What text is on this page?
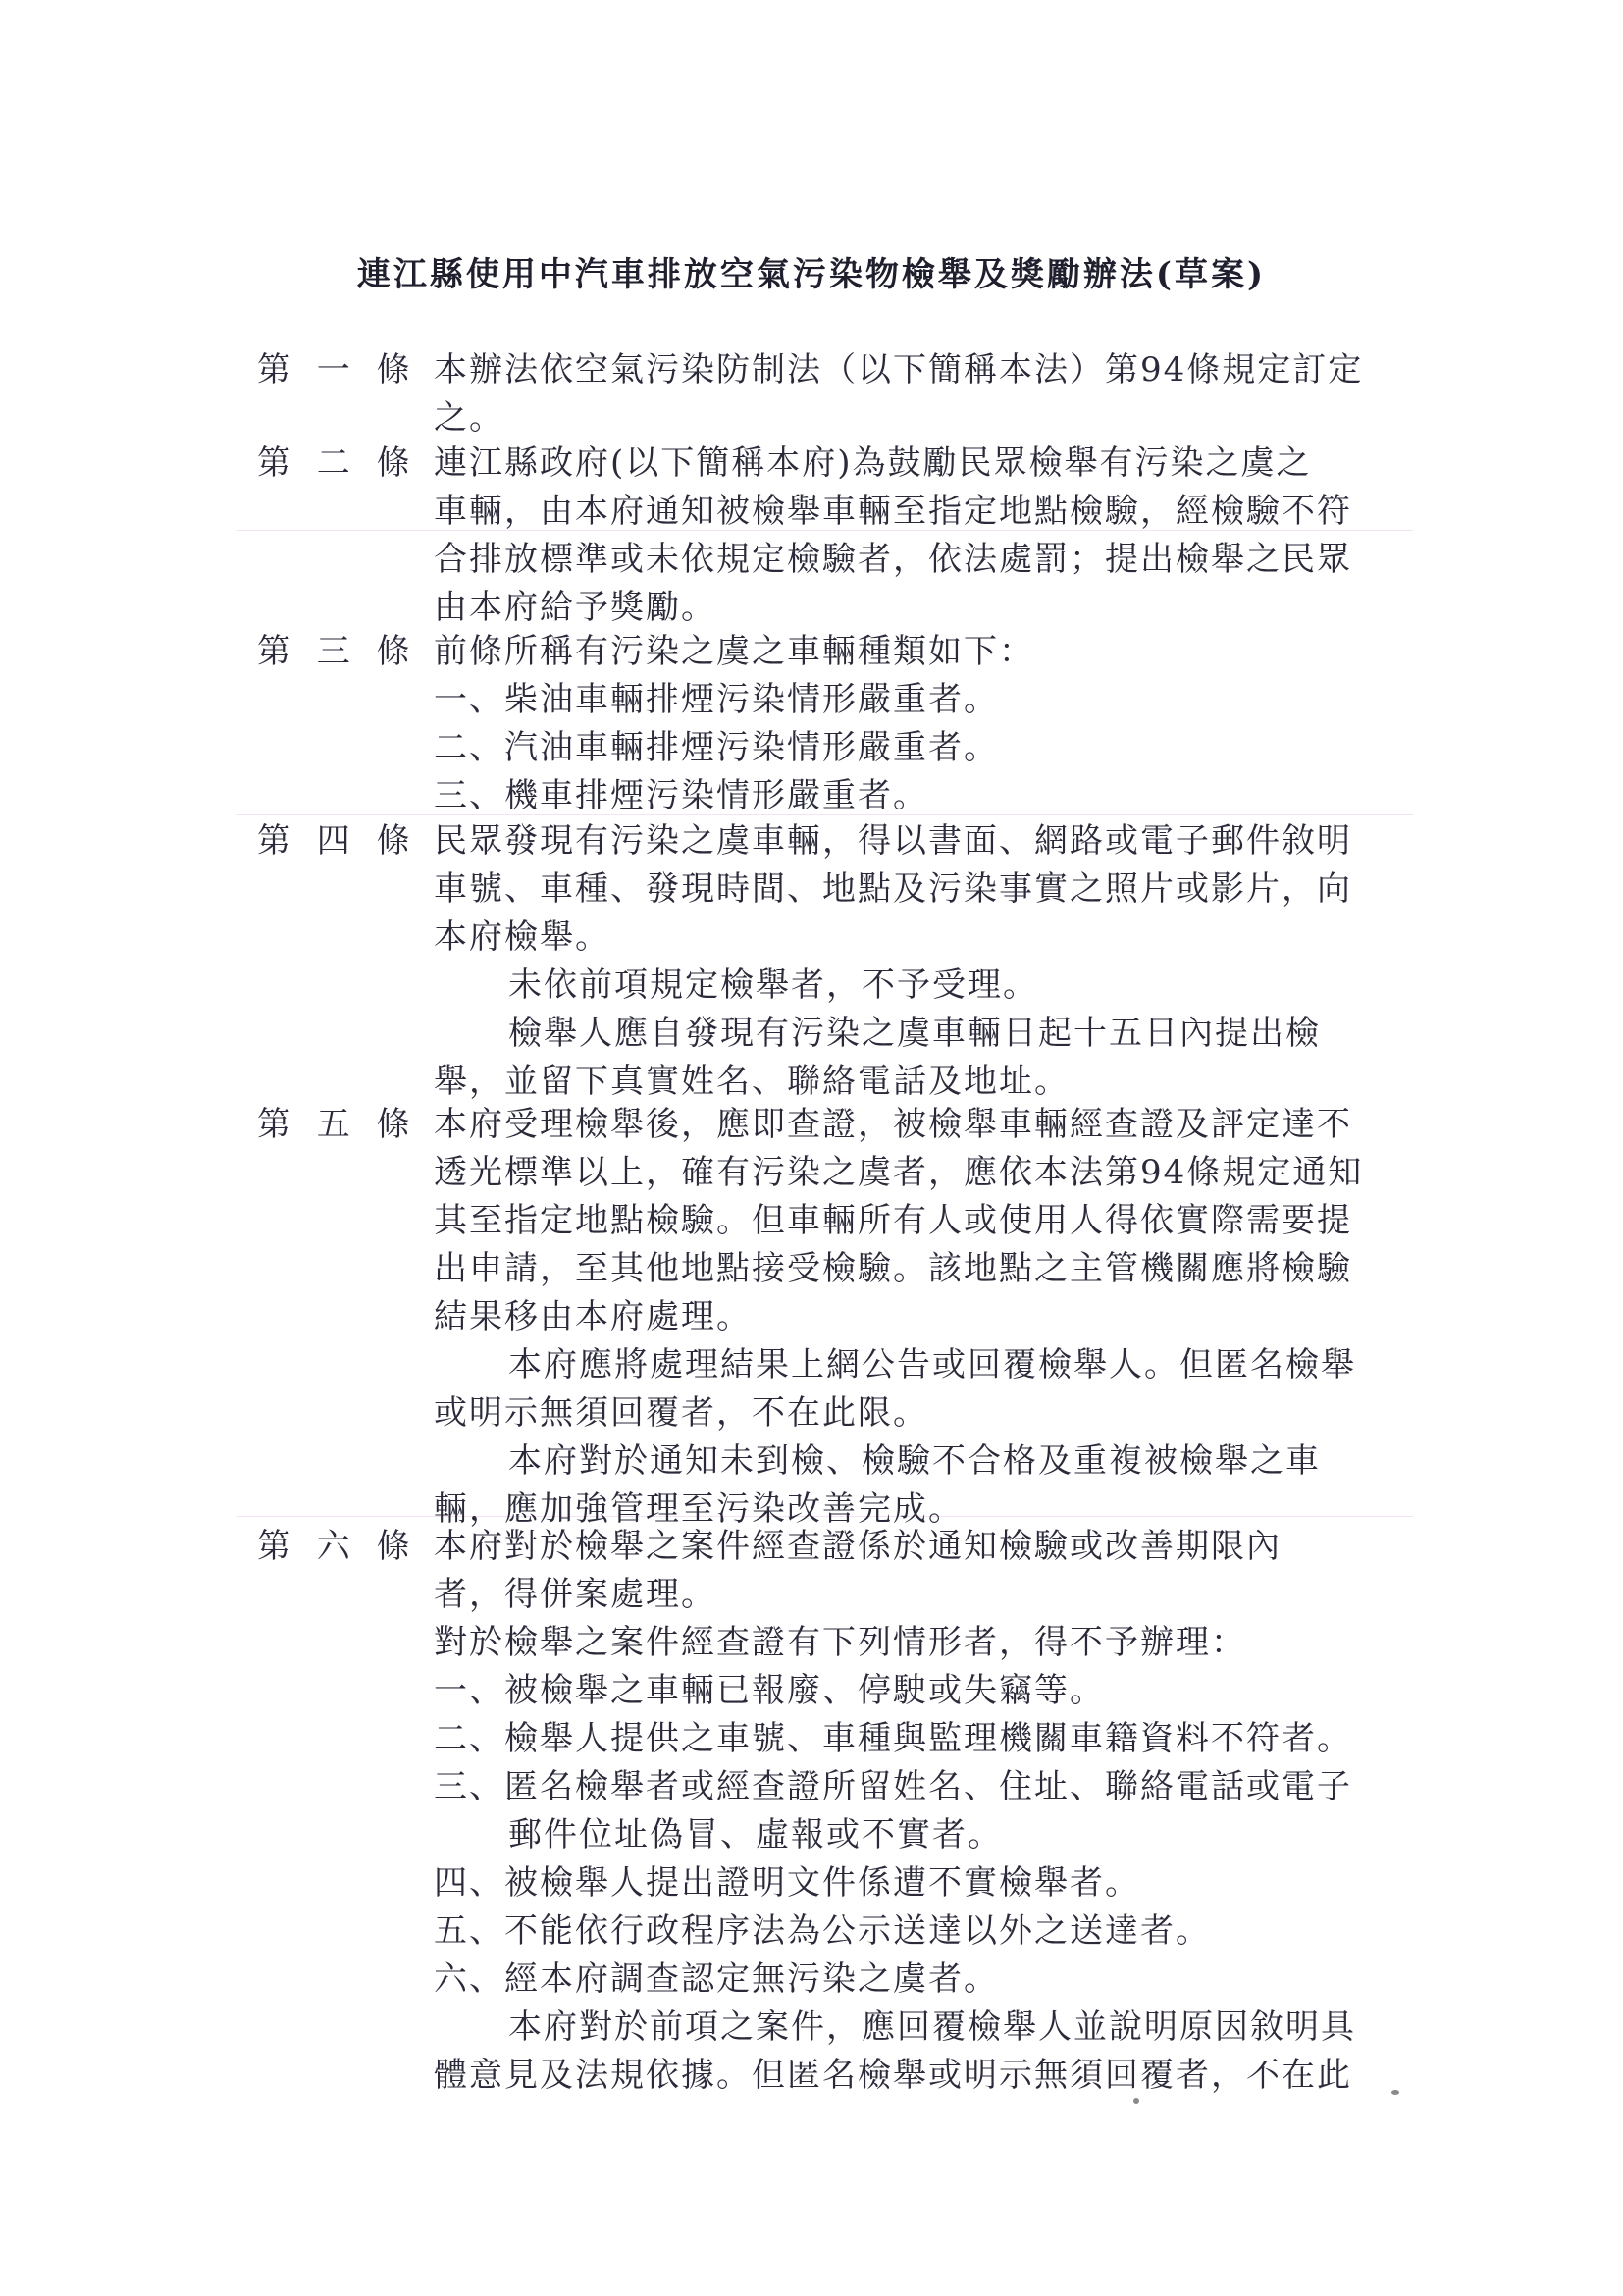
連江縣使用中汽車排放空氣污染物檢舉及獎勵辦法(草案)
第 一 條 本辦法依空氣污染防制法（以下簡稱本法）第94條規定訂定
之。
第 二 條 連江縣政府(以下簡稱本府)為鼓勵民眾檢舉有污染之虞之
車輛，由本府通知被檢舉車輛至指定地點檢驗，經檢驗不符
合排放標準或未依規定檢驗者，依法處罰；提出檢舉之民眾
由本府給予獎勵。
第 三 條 前條所稱有污染之虞之車輛種類如下：
一、柴油車輛排煙污染情形嚴重者。
二、汽油車輛排煙污染情形嚴重者。
三、機車排煙污染情形嚴重者。
第 四 條 民眾發現有污染之虞車輛，得以書面、網路或電子郵件敘明
車號、車種、發現時間、地點及污染事實之照片或影片，向
本府檢舉。
未依前項規定檢舉者，不予受理。
檢舉人應自發現有污染之虞車輛日起十五日內提出檢
舉，並留下真實姓名、聯絡電話及地址。
第 五 條 本府受理檢舉後，應即查證，被檢舉車輛經查證及評定達不
透光標準以上，確有污染之虞者，應依本法第94條規定通知
其至指定地點檢驗。但車輛所有人或使用人得依實際需要提
出申請，至其他地點接受檢驗。該地點之主管機關應將檢驗
結果移由本府處理。
本府應將處理結果上網公告或回覆檢舉人。但匿名檢舉
或明示無須回覆者，不在此限。
本府對於通知未到檢、檢驗不合格及重複被檢舉之車
輛，應加強管理至污染改善完成。
第 六 條 本府對於檢舉之案件經查證係於通知檢驗或改善期限內
者，得併案處理。
對於檢舉之案件經查證有下列情形者，得不予辦理：
一、被檢舉之車輛已報廢、停駛或失竊等。
二、檢舉人提供之車號、車種與監理機關車籍資料不符者。
三、匿名檢舉者或經查證所留姓名、住址、聯絡電話或電子
郵件位址偽冒、虛報或不實者。
四、被檢舉人提出證明文件係遭不實檢舉者。
五、不能依行政程序法為公示送達以外之送達者。
六、經本府調查認定無污染之虞者。
本府對於前項之案件，應回覆檢舉人並說明原因敘明具
體意見及法規依據。但匿名檢舉或明示無須回覆者，不在此
